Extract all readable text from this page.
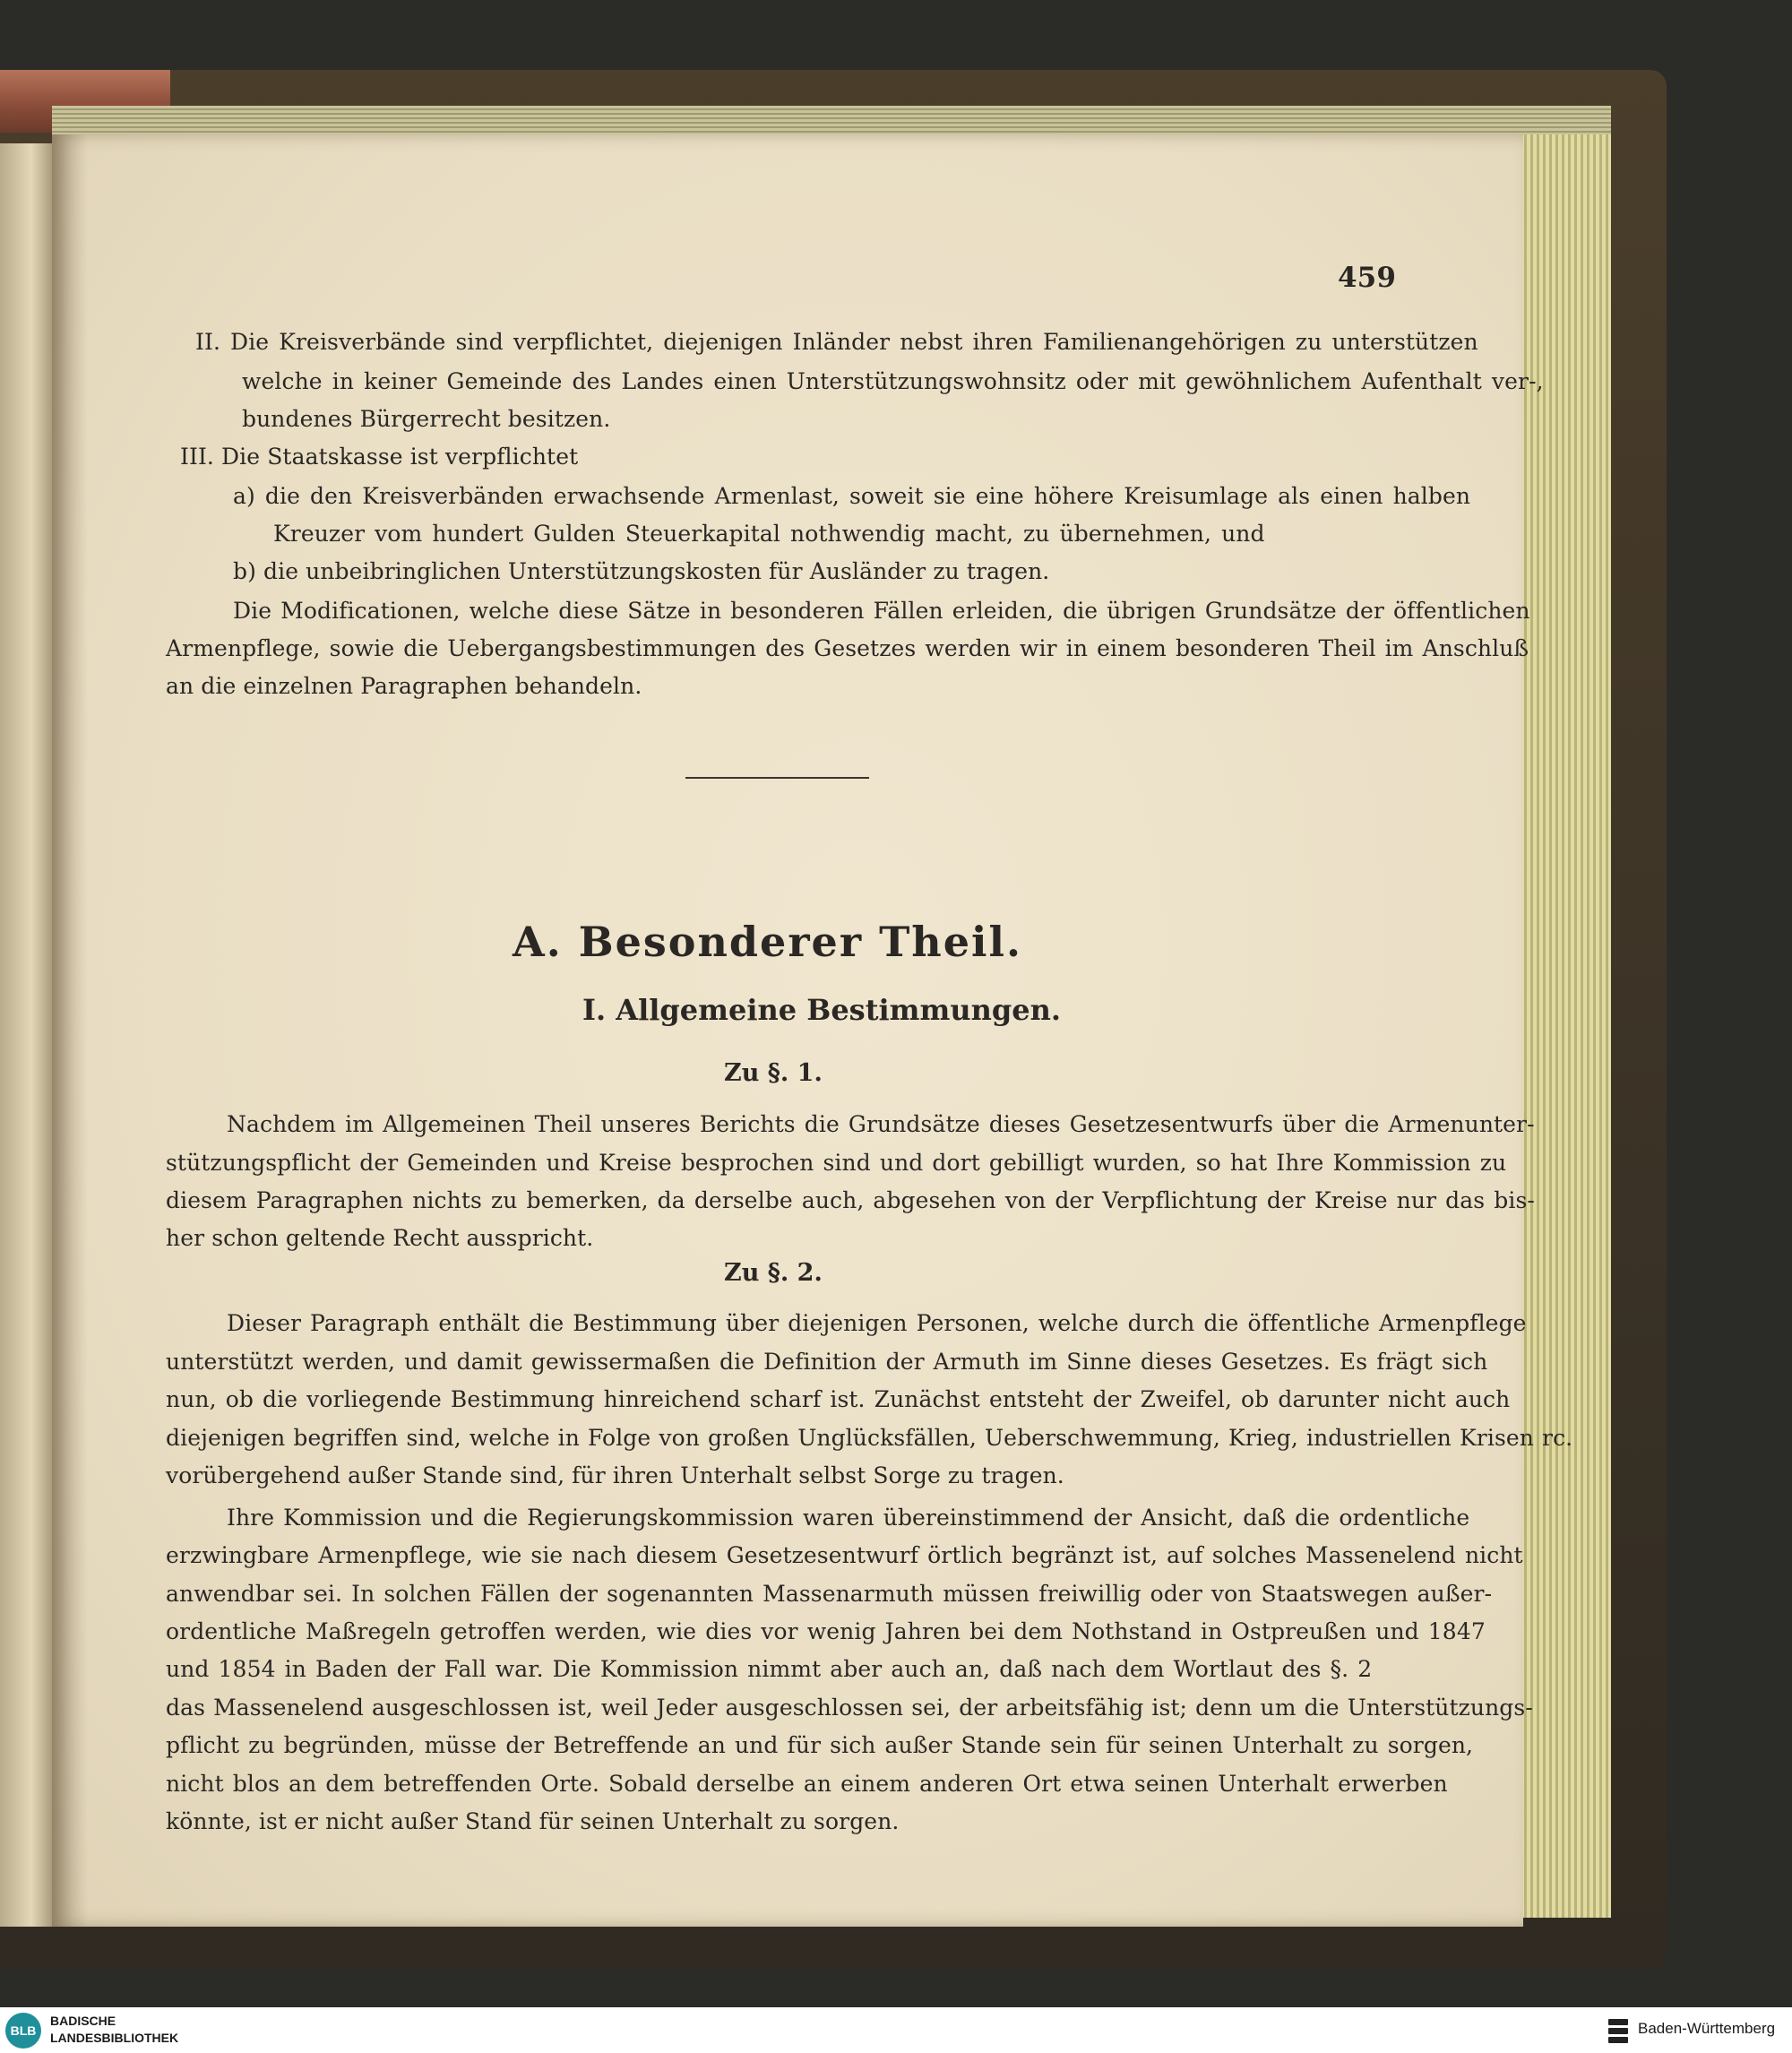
459

II. Die Kreisverbände sind verpflichtet, diejenigen Inländer nebst ihren Familienangehörigen zu unterstützen

welche in keiner Gemeinde des Landes einen Unterstützungswohnsitz oder mit gewöhnlichem Aufenthalt ver-,

bundenes Bürgerrecht besitzen.

III. Die Staatskasse ist verpflichtet

a) die den Kreisverbänden erwachsende Armenlast, soweit sie eine höhere Kreisumlage als einen halben

Kreuzer vom hundert Gulden Steuerkapital nothwendig macht, zu übernehmen, und

b) die unbeibringlichen Unterstützungskosten für Ausländer zu tragen.

Die Modificationen, welche diese Sätze in besonderen Fällen erleiden, die übrigen Grundsätze der öffentlichen

Armenpflege, sowie die Uebergangsbestimmungen des Gesetzes werden wir in einem besonderen Theil im Anschluß

an die einzelnen Paragraphen behandeln.

A. Besonderer Theil.
I. Allgemeine Bestimmungen.
Zu §. 1.

Nachdem im Allgemeinen Theil unseres Berichts die Grundsätze dieses Gesetzesentwurfs über die Armenunter-

stützungspflicht der Gemeinden und Kreise besprochen sind und dort gebilligt wurden, so hat Ihre Kommission zu

diesem Paragraphen nichts zu bemerken, da derselbe auch, abgesehen von der Verpflichtung der Kreise nur das bis-

her schon geltende Recht ausspricht.

Zu §. 2.

Dieser Paragraph enthält die Bestimmung über diejenigen Personen, welche durch die öffentliche Armenpflege

unterstützt werden, und damit gewissermaßen die Definition der Armuth im Sinne dieses Gesetzes. Es frägt sich

nun, ob die vorliegende Bestimmung hinreichend scharf ist. Zunächst entsteht der Zweifel, ob darunter nicht auch

diejenigen begriffen sind, welche in Folge von großen Unglücksfällen, Ueberschwemmung, Krieg, industriellen Krisen rc.

vorübergehend außer Stande sind, für ihren Unterhalt selbst Sorge zu tragen.

Ihre Kommission und die Regierungskommission waren übereinstimmend der Ansicht, daß die ordentliche

erzwingbare Armenpflege, wie sie nach diesem Gesetzesentwurf örtlich begränzt ist, auf solches Massenelend nicht

anwendbar sei. In solchen Fällen der sogenannten Massenarmuth müssen freiwillig oder von Staatswegen außer-

ordentliche Maßregeln getroffen werden, wie dies vor wenig Jahren bei dem Nothstand in Ostpreußen und 1847

und 1854 in Baden der Fall war. Die Kommission nimmt aber auch an, daß nach dem Wortlaut des §. 2

das Massenelend ausgeschlossen ist, weil Jeder ausgeschlossen sei, der arbeitsfähig ist; denn um die Unterstützungs-

pflicht zu begründen, müsse der Betreffende an und für sich außer Stande sein für seinen Unterhalt zu sorgen,

nicht blos an dem betreffenden Orte. Sobald derselbe an einem anderen Ort etwa seinen Unterhalt erwerben

könnte, ist er nicht außer Stand für seinen Unterhalt zu sorgen.

BLB

BADISCHE
LANDESBIBLIOTHEK

Baden-Württemberg
